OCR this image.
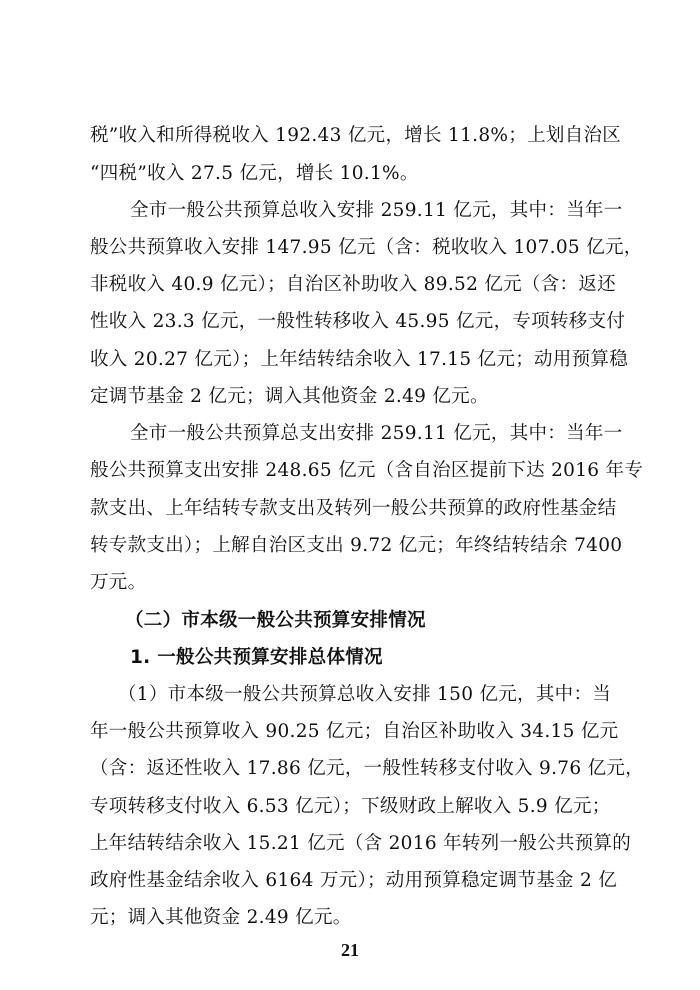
税”收入和所得税收入 192.43 亿元，增长 11.8%；上划自治区
“四税”收入 27.5 亿元，增长 10.1%。
全市一般公共预算总收入安排 259.11 亿元，其中：当年一
般公共预算收入安排 147.95 亿元（含：税收收入 107.05 亿元，
非税收入 40.9 亿元）；自治区补助收入 89.52 亿元（含：返还
性收入 23.3 亿元，一般性转移收入 45.95 亿元，专项转移支付
收入 20.27 亿元）；上年结转结余收入 17.15 亿元；动用预算稳
定调节基金 2 亿元；调入其他资金 2.49 亿元。
全市一般公共预算总支出安排 259.11 亿元，其中：当年一
般公共预算支出安排 248.65 亿元（含自治区提前下达 2016 年专
款支出、上年结转专款支出及转列一般公共预算的政府性基金结
转专款支出）；上解自治区支出 9.72 亿元；年终结转结余 7400
万元。
（二）市本级一般公共预算安排情况
1. 一般公共预算安排总体情况
（1）市本级一般公共预算总收入安排 150 亿元，其中：当
年一般公共预算收入 90.25 亿元；自治区补助收入 34.15 亿元
（含：返还性收入 17.86 亿元，一般性转移支付收入 9.76 亿元，
专项转移支付收入 6.53 亿元）；下级财政上解收入 5.9 亿元；
上年结转结余收入 15.21 亿元（含 2016 年转列一般公共预算的
政府性基金结余收入 6164 万元）；动用预算稳定调节基金 2 亿
元；调入其他资金 2.49 亿元。
21
